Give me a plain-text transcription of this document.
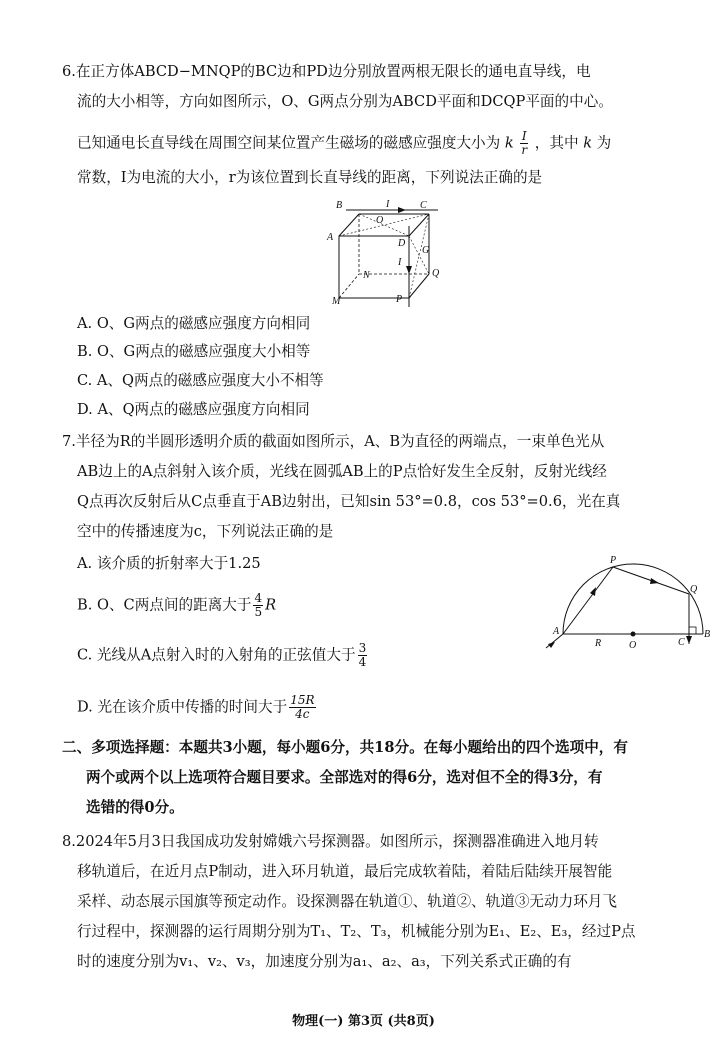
6.在正方体ABCD−MNQP的BC边和PD边分别放置两根无限长的通电直导线，电
流的大小相等，方向如图所示，O、G两点分别为ABCD平面和DCQP平面的中心。
已知通电长直导线在周围空间某位置产生磁场的磁感应强度大小为 k $\frac{I}{r}$ ，其中 k 为
常数，I为电流的大小，r为该位置到长直导线的距离，下列说法正确的是
A
B	C
I
O
D
G
I
N	Q
M	P
A. O、G两点的磁感应强度方向相同
B. O、G两点的磁感应强度大小相等
C. A、Q两点的磁感应强度大小不相等
D. A、Q两点的磁感应强度方向相同
7.半径为R的半圆形透明介质的截面如图所示，A、B为直径的两端点，一束单色光从
AB边上的A点斜射入该介质，光线在圆弧AB上的P点恰好发生全反射，反射光线经
Q点再次反射后从C点垂直于AB边射出，已知sin 53°=0.8，cos 53°=0.6，光在真
空中的传播速度为c，下列说法正确的是
A. 该介质的折射率大于1.25
B. O、C两点间的距离大于 $\frac{4}{5}$ R
C. 光线从A点射入时的入射角的正弦值大于 $\frac{3}{4}$
D. 光在该介质中传播的时间大于 $\frac{15R}{4c}$
P
Q
A
R	O	C
B
二、多项选择题：本题共3小题，每小题6分，共18分。在每小题给出的四个选项中，有
两个或两个以上选项符合题目要求。全部选对的得6分，选对但不全的得3分，有
选错的得0分。
8.2024年5月3日我国成功发射嫦娥六号探测器。如图所示，探测器准确进入地月转
移轨道后，在近月点P制动，进入环月轨道，最后完成软着陆，着陆后陆续开展智能
采样、动态展示国旗等预定动作。设探测器在轨道①、轨道②、轨道③无动力环月飞
行过程中，探测器的运行周期分别为T₁、T₂、T₃，机械能分别为E₁、E₂、E₃，经过P点
时的速度分别为v₁、v₂、v₃，加速度分别为a₁、a₂、a₃，下列关系式正确的有
物理(一) 第3页 (共8页)
